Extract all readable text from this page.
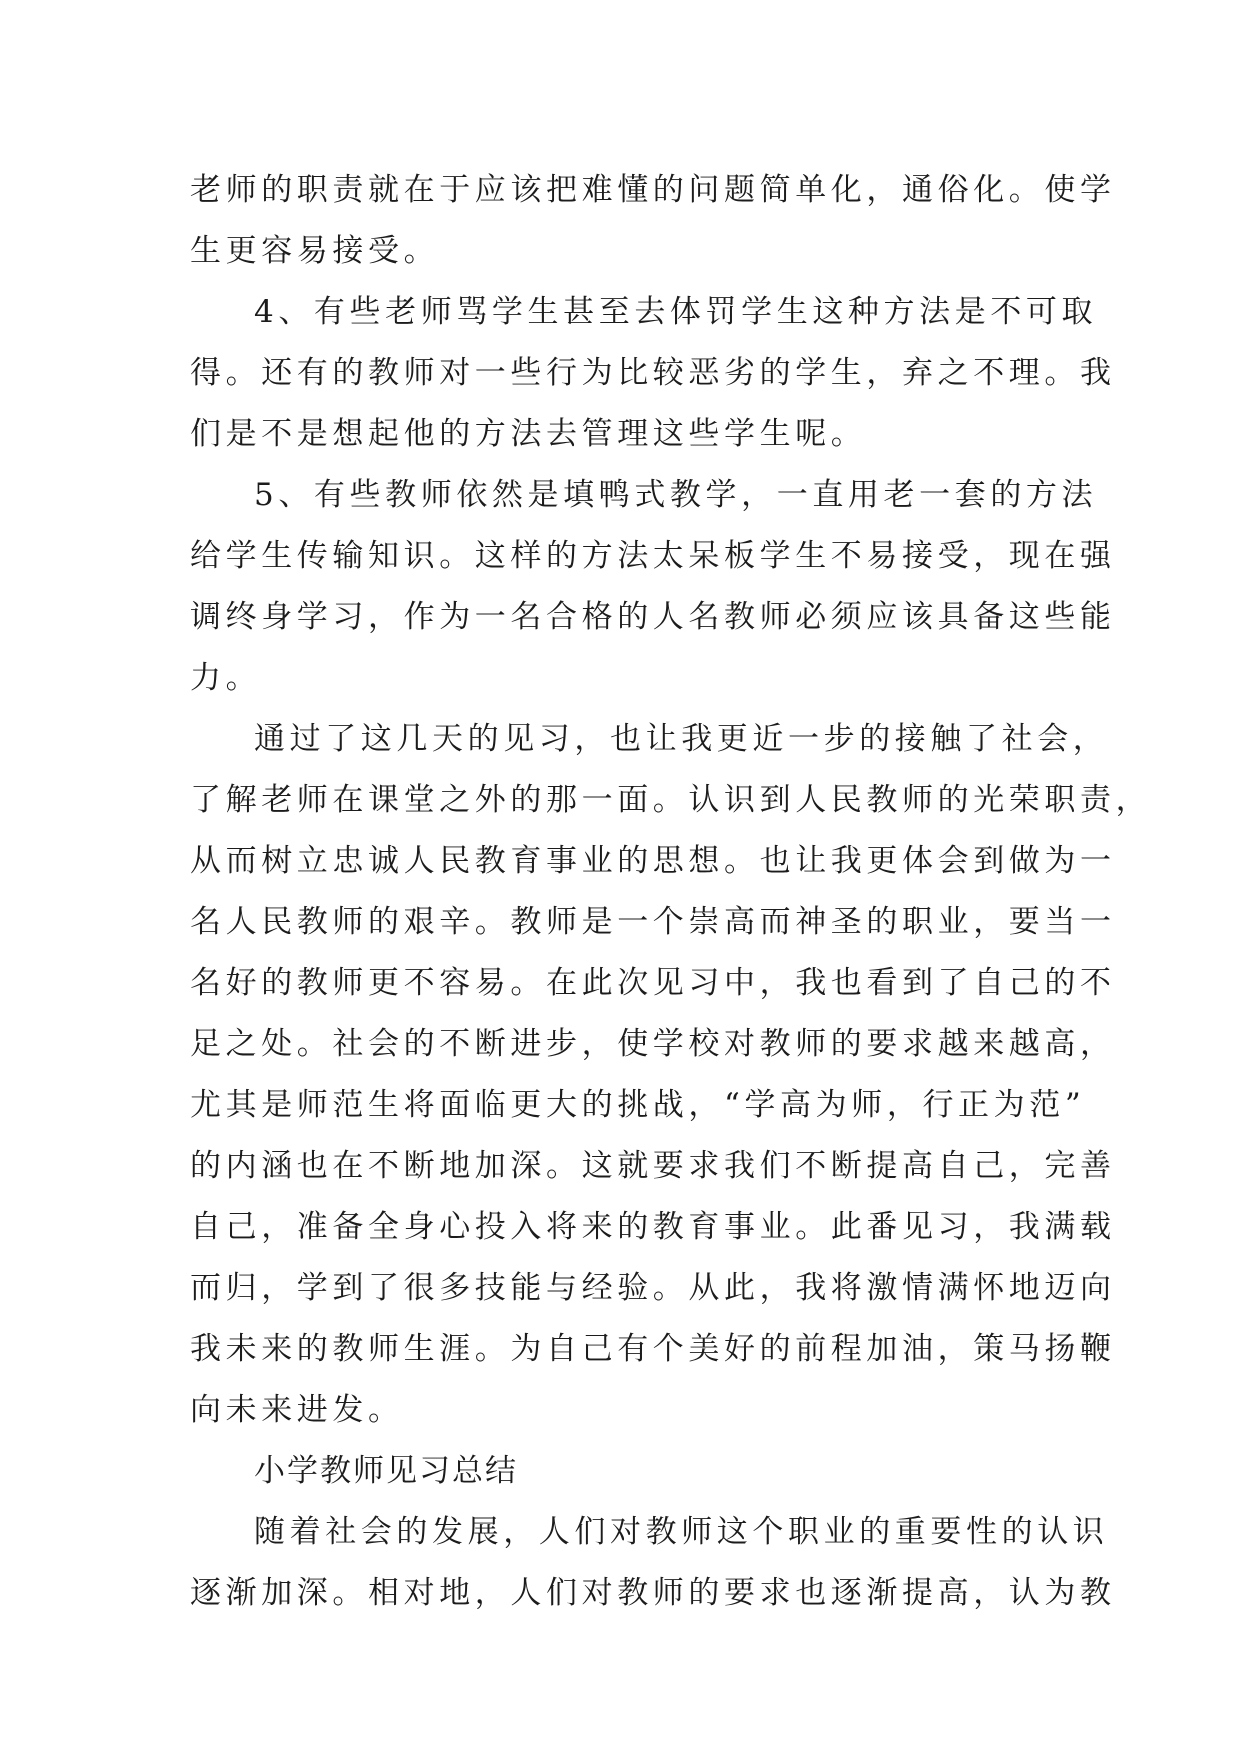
老师的职责就在于应该把难懂的问题简单化，通俗化。使学
生更容易接受。
4、有些老师骂学生甚至去体罚学生这种方法是不可取
得。还有的教师对一些行为比较恶劣的学生，弃之不理。我
们是不是想起他的方法去管理这些学生呢。
5、有些教师依然是填鸭式教学，一直用老一套的方法
给学生传输知识。这样的方法太呆板学生不易接受，现在强
调终身学习，作为一名合格的人名教师必须应该具备这些能
力。
通过了这几天的见习，也让我更近一步的接触了社会，
了解老师在课堂之外的那一面。认识到人民教师的光荣职责，
从而树立忠诚人民教育事业的思想。也让我更体会到做为一
名人民教师的艰辛。教师是一个崇高而神圣的职业，要当一
名好的教师更不容易。在此次见习中，我也看到了自己的不
足之处。社会的不断进步，使学校对教师的要求越来越高，
尤其是师范生将面临更大的挑战，“学高为师，行正为范”
的内涵也在不断地加深。这就要求我们不断提高自己，完善
自己，准备全身心投入将来的教育事业。此番见习，我满载
而归，学到了很多技能与经验。从此，我将激情满怀地迈向
我未来的教师生涯。为自己有个美好的前程加油，策马扬鞭
向未来进发。
小学教师见习总结
随着社会的发展，人们对教师这个职业的重要性的认识
逐渐加深。相对地，人们对教师的要求也逐渐提高，认为教
